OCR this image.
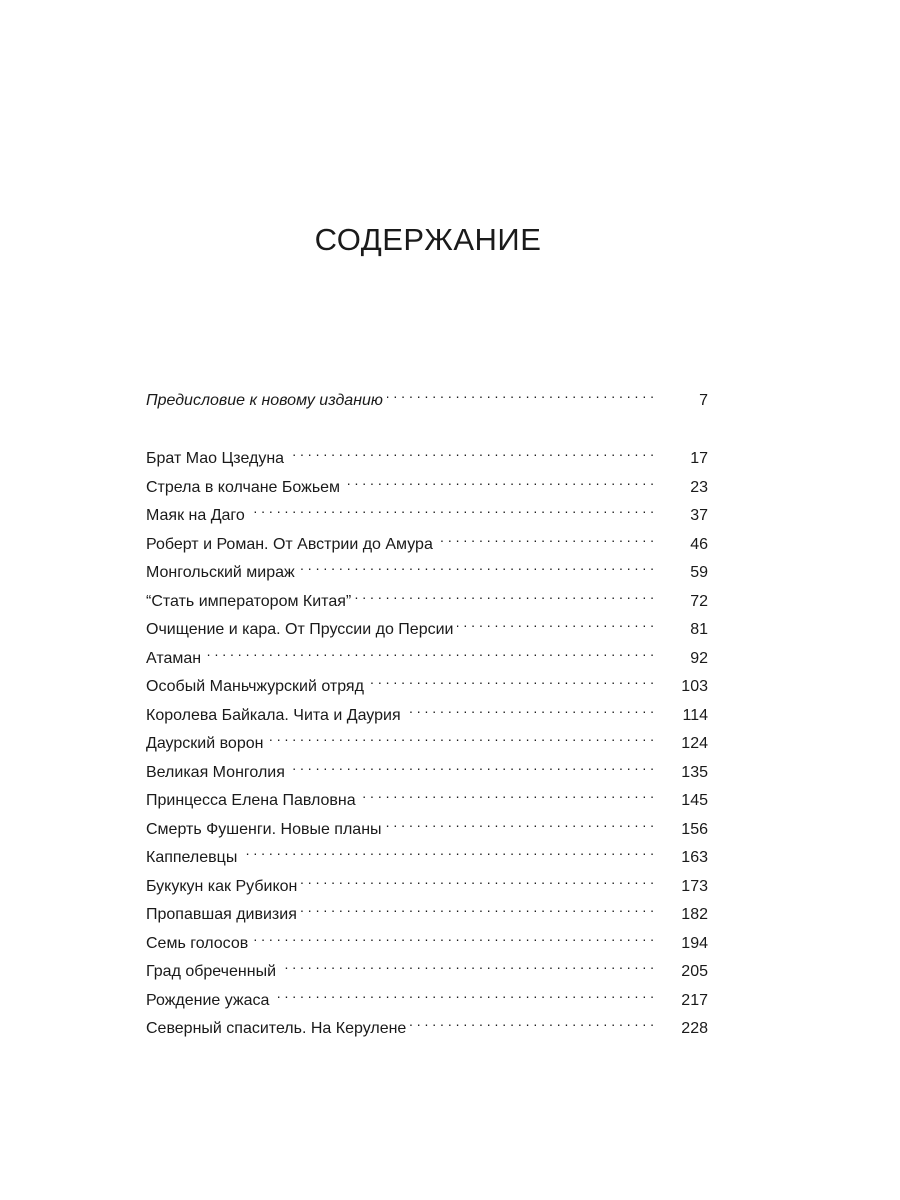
СОДЕРЖАНИЕ
Предисловие к новому изданию . . .	7
Брат Мао Цзедуна . . .	17
Стрела в колчане Божьем . . .	23
Маяк на Даго . . .	37
Роберт и Роман. От Австрии до Амура . . .	46
Монгольский мираж . . .	59
“Стать императором Китая” . . .	72
Очищение и кара. От Пруссии до Персии . . .	81
Атаман . . .	92
Особый Маньчжурский отряд . . .	103
Королева Байкала. Чита и Даурия . . .	114
Даурский ворон . . .	124
Великая Монголия . . .	135
Принцесса Елена Павловна . . .	145
Смерть Фушенги. Новые планы . . .	156
Каппелевцы . . .	163
Букукун как Рубикон . . .	173
Пропавшая дивизия . . .	182
Семь голосов . . .	194
Град обреченный . . .	205
Рождение ужаса . . .	217
Северный спаситель. На Керулене . . .	228
